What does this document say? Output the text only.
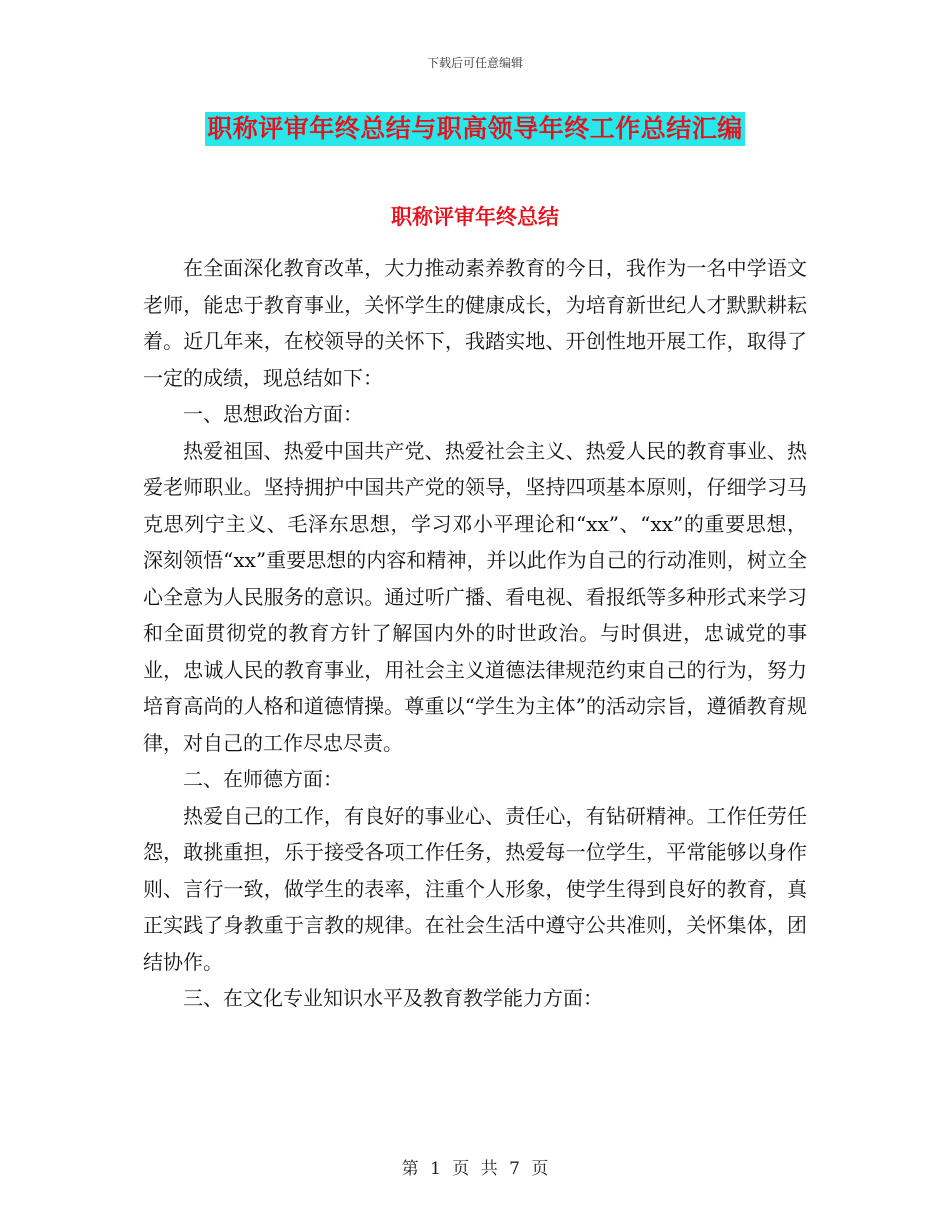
下载后可任意编辑
职称评审年终总结与职高领导年终工作总结汇编
职称评审年终总结

在全面深化教育改革，大力推动素养教育的今日，我作为一名中学语文老师，能忠于教育事业，关怀学生的健康成长，为培育新世纪人才默默耕耘着。近几年来，在校领导的关怀下，我踏实地、开创性地开展工作，取得了一定的成绩，现总结如下：

一、思想政治方面：

热爱祖国、热爱中国共产党、热爱社会主义、热爱人民的教育事业、热爱老师职业。坚持拥护中国共产党的领导，坚持四项基本原则，仔细学习马克思列宁主义、毛泽东思想，学习邓小平理论和“xx”、“xx”的重要思想，深刻领悟“xx”重要思想的内容和精神，并以此作为自己的行动准则，树立全心全意为人民服务的意识。通过听广播、看电视、看报纸等多种形式来学习和全面贯彻党的教育方针了解国内外的时世政治。与时俱进，忠诚党的事业，忠诚人民的教育事业，用社会主义道德法律规范约束自己的行为，努力培育高尚的人格和道德情操。尊重以“学生为主体”的活动宗旨，遵循教育规律，对自己的工作尽忠尽责。

二、在师德方面：

热爱自己的工作，有良好的事业心、责任心，有钻研精神。工作任劳任怨，敢挑重担，乐于接受各项工作任务，热爱每一位学生，平常能够以身作则、言行一致，做学生的表率，注重个人形象，使学生得到良好的教育，真正实践了身教重于言教的规律。在社会生活中遵守公共准则，关怀集体，团结协作。

三、在文化专业知识水平及教育教学能力方面：

第 1 页 共 7 页
